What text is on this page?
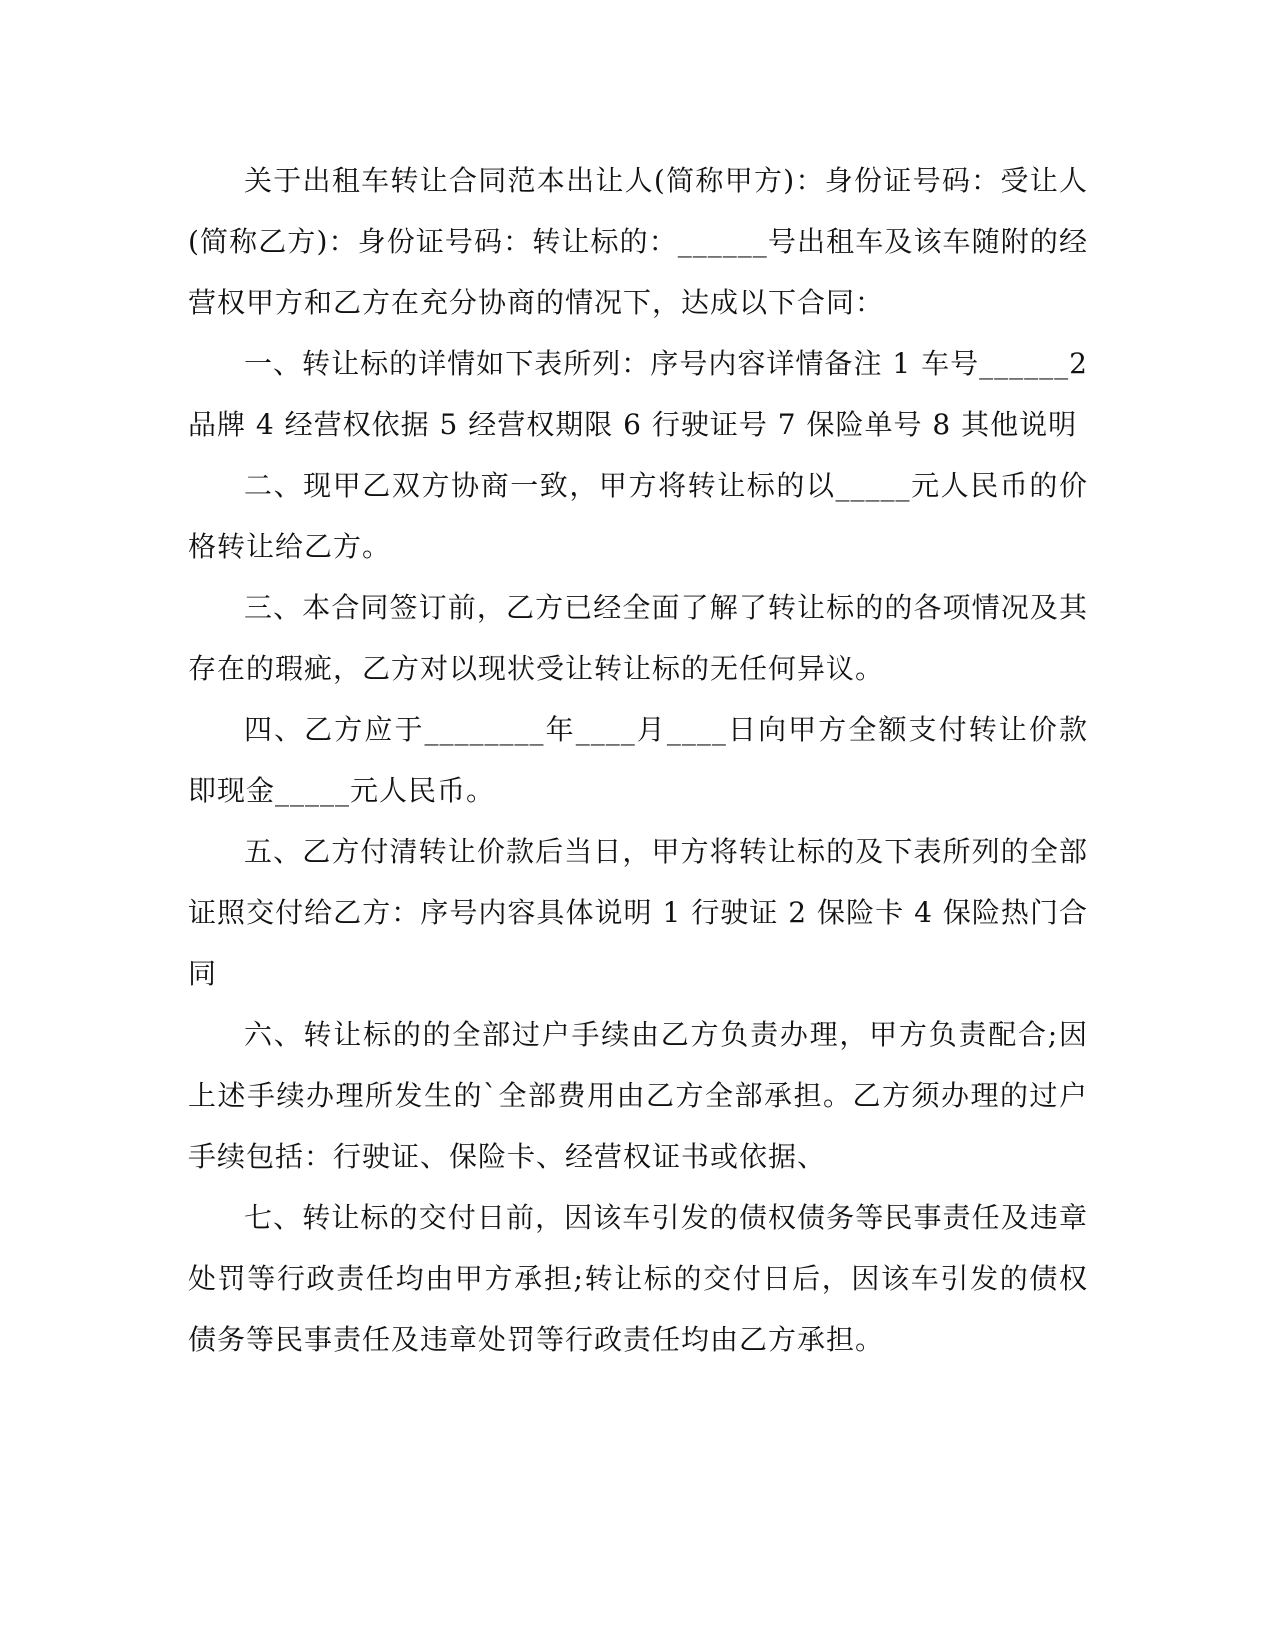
关于出租车转让合同范本出让人(简称甲方)：身份证号码：受让人(简称乙方)：身份证号码：转让标的：______号出租车及该车随附的经营权甲方和乙方在充分协商的情况下，达成以下合同：

一、转让标的详情如下表所列：序号内容详情备注 1 车号______2 品牌 4 经营权依据 5 经营权期限 6 行驶证号 7 保险单号 8 其他说明

二、现甲乙双方协商一致，甲方将转让标的以_____元人民币的价格转让给乙方。

三、本合同签订前，乙方已经全面了解了转让标的的各项情况及其存在的瑕疵，乙方对以现状受让转让标的无任何异议。

四、乙方应于________年____月____日向甲方全额支付转让价款即现金_____元人民币。

五、乙方付清转让价款后当日，甲方将转让标的及下表所列的全部证照交付给乙方：序号内容具体说明 1 行驶证 2 保险卡 4 保险热门合同

六、转让标的的全部过户手续由乙方负责办理，甲方负责配合;因上述手续办理所发生的`全部费用由乙方全部承担。乙方须办理的过户手续包括：行驶证、保险卡、经营权证书或依据、

七、转让标的交付日前，因该车引发的债权债务等民事责任及违章处罚等行政责任均由甲方承担;转让标的交付日后，因该车引发的债权债务等民事责任及违章处罚等行政责任均由乙方承担。
